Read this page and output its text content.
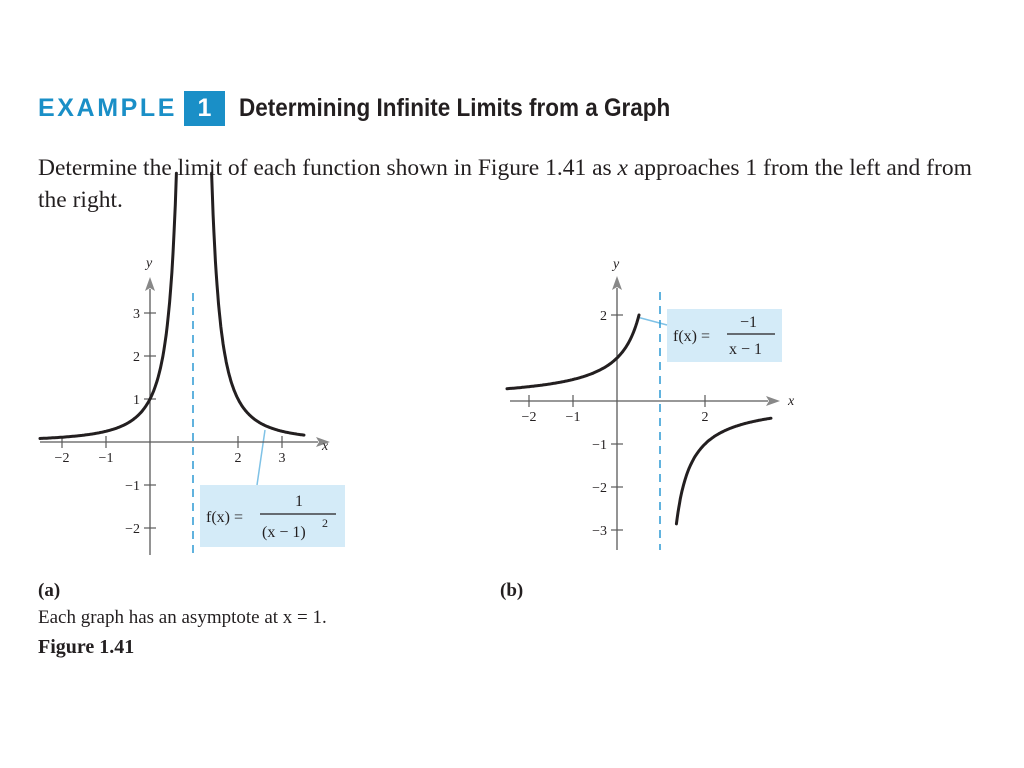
EXAMPLE 1	Determining Infinite Limits from a Graph
Determine the limit of each function shown in Figure 1.41 as x approaches 1 from the left and from the right.
−2 −1	2	3
−2
−1
1
2
3
x
y
f(x) =
1
(x − 1)
2
−2 −1	2
−3
−2
−1
2
x
y
f(x) =
−1
x − 1
(a)	(b)
Each graph has an asymptote at x = 1.
Figure 1.41
